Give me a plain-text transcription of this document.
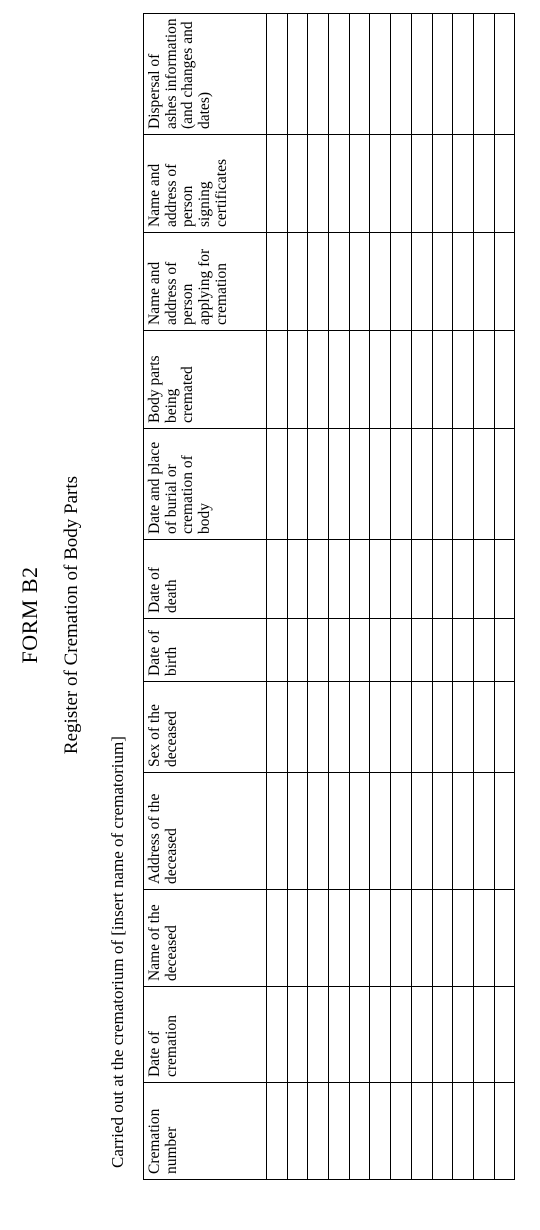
FORM B2 Register of Cremation of Body Parts
Carried out at the crematorium of [insert name of crematorium] Cremation number	Date of cremation	Name of the deceased	Address of the deceased	Sex of the deceased	Date of birth	Date of death	Date and place of burial or cremation of body	Body parts being cremated	Name and address of person applying for cremation	Name and address of person signing certificates	Dispersal of ashes information (and changes and dates)
